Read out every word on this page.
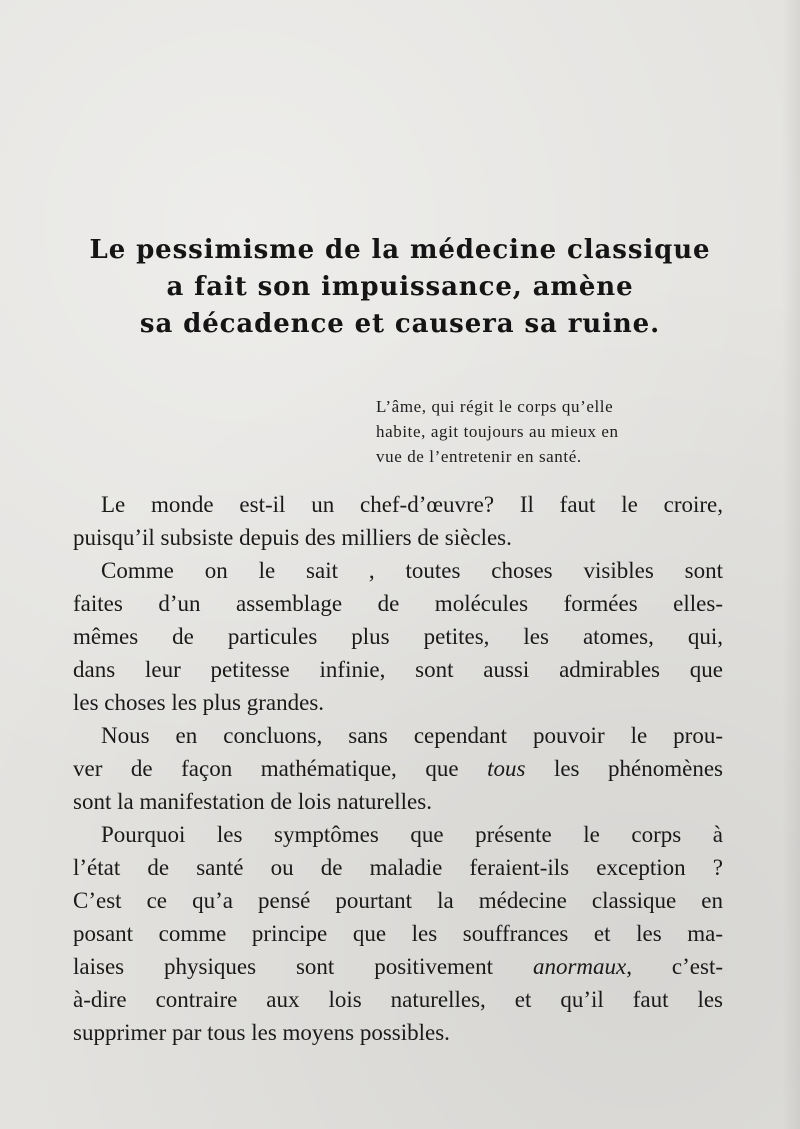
Le pessimisme de la médecine classique
a fait son impuissance, amène
sa décadence et causera sa ruine.
L’âme, qui régit le corps qu’elle
habite, agit toujours au mieux en
vue de l’entretenir en santé.

Le monde est-il un chef-d’œuvre? Il faut le croire,
puisqu’il subsiste depuis des milliers de siècles.

Comme on le sait , toutes choses visibles sont
faites d’un assemblage de molécules formées elles-
mêmes de particules plus petites, les atomes, qui,
dans leur petitesse infinie, sont aussi admirables que
les choses les plus grandes.

Nous en concluons, sans cependant pouvoir le prou-
ver de façon mathématique, que tous les phénomènes
sont la manifestation de lois naturelles.

Pourquoi les symptômes que présente le corps à
l’état de santé ou de maladie feraient-ils exception ?
C’est ce qu’a pensé pourtant la médecine classique en
posant comme principe que les souffrances et les ma-
laises physiques sont positivement anormaux, c’est-
à-dire contraire aux lois naturelles, et qu’il faut les
supprimer par tous les moyens possibles.
